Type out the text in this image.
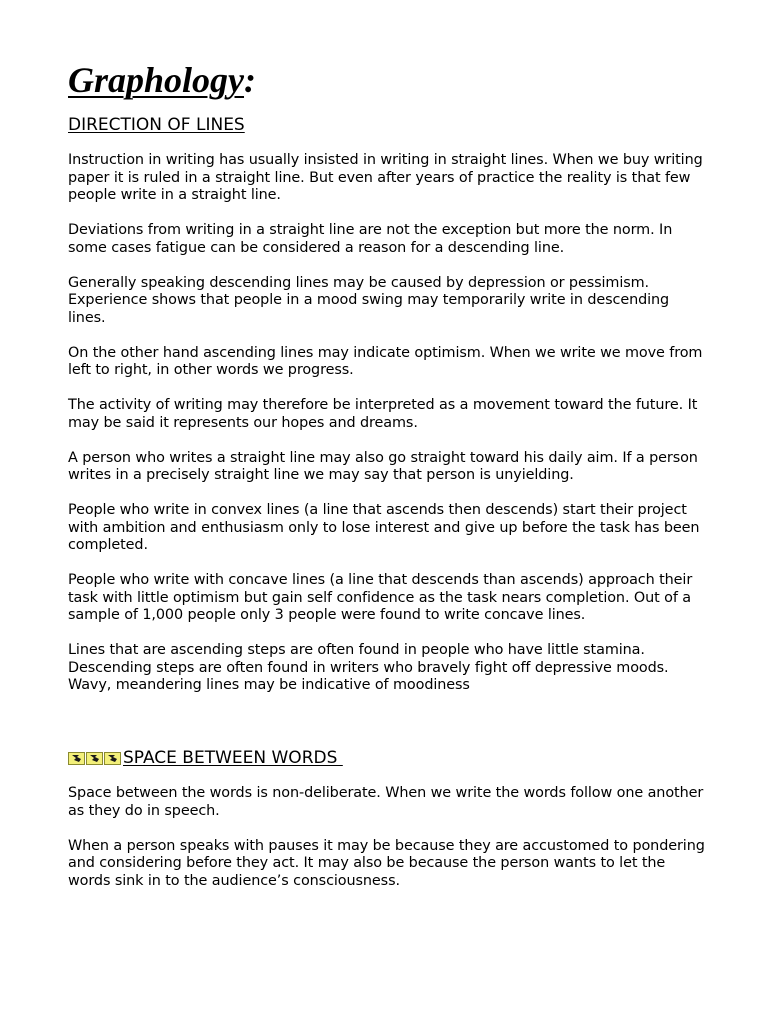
Graphology:
DIRECTION OF LINES

Instruction in writing has usually insisted in writing in straight lines. When we buy writing paper it is ruled in a straight line. But even after years of practice the reality is that few people write in a straight line.

Deviations from writing in a straight line are not the exception but more the norm. In some cases fatigue can be considered a reason for a descending line.

Generally speaking descending lines may be caused by depression or pessimism. Experience shows that people in a mood swing may temporarily write in descending lines.

On the other hand ascending lines may indicate optimism. When we write we move from left to right, in other words we progress.

The activity of writing may therefore be interpreted as a movement toward the future. It may be said it represents our hopes and dreams.

A person who writes a straight line may also go straight toward his daily aim. If a person writes in a precisely straight line we may say that person is unyielding.

People who write in convex lines (a line that ascends then descends) start their project with ambition and enthusiasm only to lose interest and give up before the task has been completed.

People who write with concave lines (a line that descends than ascends) approach their task with little optimism but gain self confidence as the task nears completion. Out of a sample of 1,000 people only 3 people were found to write concave lines.

Lines that are ascending steps are often found in people who have little stamina. Descending steps are often found in writers who bravely fight off depressive moods. Wavy, meandering lines may be indicative of moodiness

SPACE BETWEEN WORDS

Space between the words is non-deliberate. When we write the words follow one another as they do in speech.

When a person speaks with pauses it may be because they are accustomed to pondering and considering before they act. It may also be because the person wants to let the words sink in to the audience’s consciousness.
